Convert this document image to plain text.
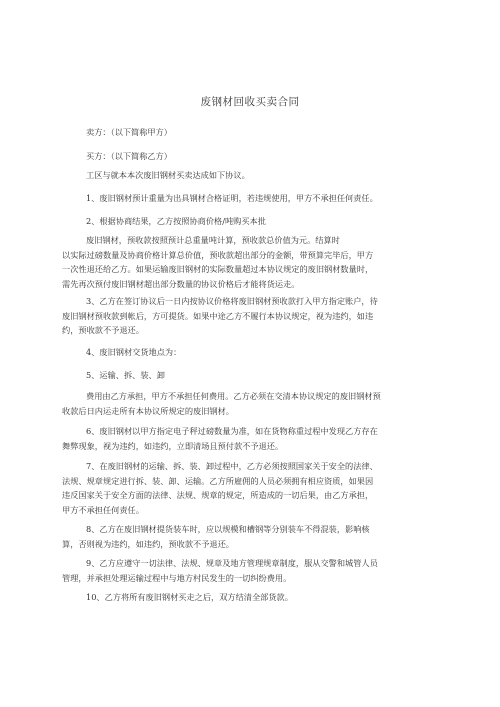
废钢材回收买卖合同

卖方：（以下简称甲方）

买方：（以下简称乙方）

工区与就本本次废旧钢材买卖达成如下协议。

1、废旧钢材预计重量为出具钢材合格证明，若违规使用，甲方不承担任何责任。

2、根据协商结果，乙方按照协商价格/吨购买本批

废旧钢材，预收款按照预计总重量吨计算，预收款总价值为元。结算时
以实际过磅数量及协商价格计算总价值，预收款超出部分的金额，带预算完毕后，甲方
一次性退还给乙方。如果运输废旧钢材的实际数量超过本协议规定的废旧钢材数量时，
需先再次预付废旧钢材超出部分数量的协议价格后才能将货运走。
3、乙方在签订协议后一日内按协议价格将废旧钢材预收款打入甲方指定账户，待
废旧钢材预收款到帐后，方可提货。如果中途乙方不履行本协议规定，视为违约，如违
约，预收款不予退还。

4、废旧钢材交货地点为：

5、运输、拆、装、卸

费用由乙方承担，甲方不承担任何费用。乙方必须在交清本协议规定的废旧钢材预
收款后日内运走所有本协议所规定的废旧钢材。
6、废旧钢材以甲方指定电子秤过磅数量为准，如在货物称重过程中发现乙方存在
舞弊现象，视为违约，如违约，立即清场且预付款不予退还。
7、在废旧钢材的运输、拆、装、卸过程中，乙方必须按照国家关于安全的法律、
法规、规章规定进行拆、装、卸、运输。乙方所雇佣的人员必须拥有相应资质，如果因
违反国家关于安全方面的法律、法规、规章的规定，所造成的一切后果，由乙方承担，
甲方不承担任何责任。
8、乙方在废旧钢材提货装车时，应以规模和槽钢等分别装车不得混装，影响核
算，否则视为违约，如违约，预收款不予退还。
9、乙方应遵守一切法律、法规、规章及地方管理规章制度，服从交警和城管人员
管理，并承担处理运输过程中与地方村民发生的一切纠纷费用。

10、乙方将所有废旧钢材买走之后，双方结清全部货款。
